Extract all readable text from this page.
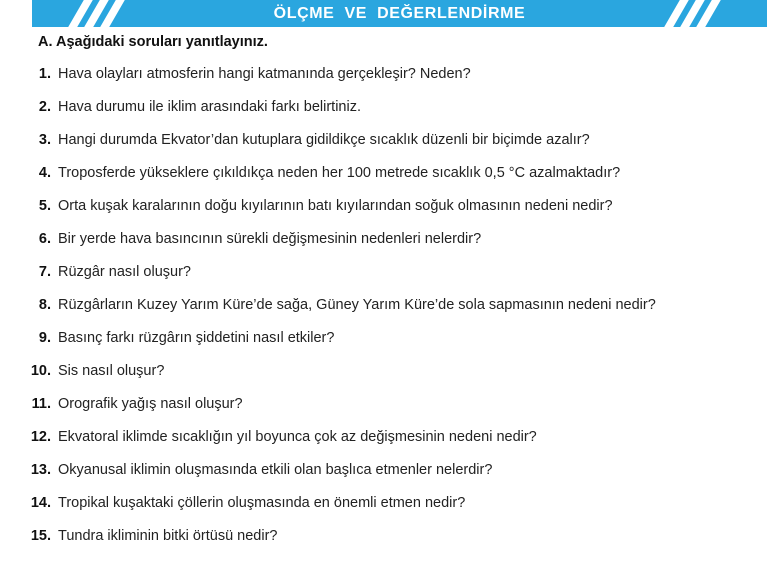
ÖLÇME VE DEĞERLENDİRME
A. Aşağıdaki soruları yanıtlayınız.
1. Hava olayları atmosferin hangi katmanında gerçekleşir? Neden?
2. Hava durumu ile iklim arasındaki farkı belirtiniz.
3. Hangi durumda Ekvator’dan kutuplara gidildikçe sıcaklık düzenli bir biçimde azalır?
4. Troposferde yükseklere çıkıldıkça neden her 100 metrede sıcaklık 0,5 °C azalmaktadır?
5. Orta kuşak karalarının doğu kıyılarının batı kıyılarından soğuk olmasının nedeni nedir?
6. Bir yerde hava basıncının sürekli değişmesinin nedenleri nelerdir?
7. Rüzgâr nasıl oluşur?
8. Rüzgârların Kuzey Yarım Küre’de sağa, Güney Yarım Küre’de sola sapmasının nedeni nedir?
9. Basınç farkı rüzgârın şiddetini nasıl etkiler?
10. Sis nasıl oluşur?
11. Orografik yağış nasıl oluşur?
12. Ekvatoral iklimde sıcaklığın yıl boyunca çok az değişmesinin nedeni nedir?
13. Okyanusal iklimin oluşmasında etkili olan başlıca etmenler nelerdir?
14. Tropikal kuşaktaki çöllerin oluşmasında en önemli etmen nedir?
15. Tundra ikliminin bitki örtüsü nedir?
